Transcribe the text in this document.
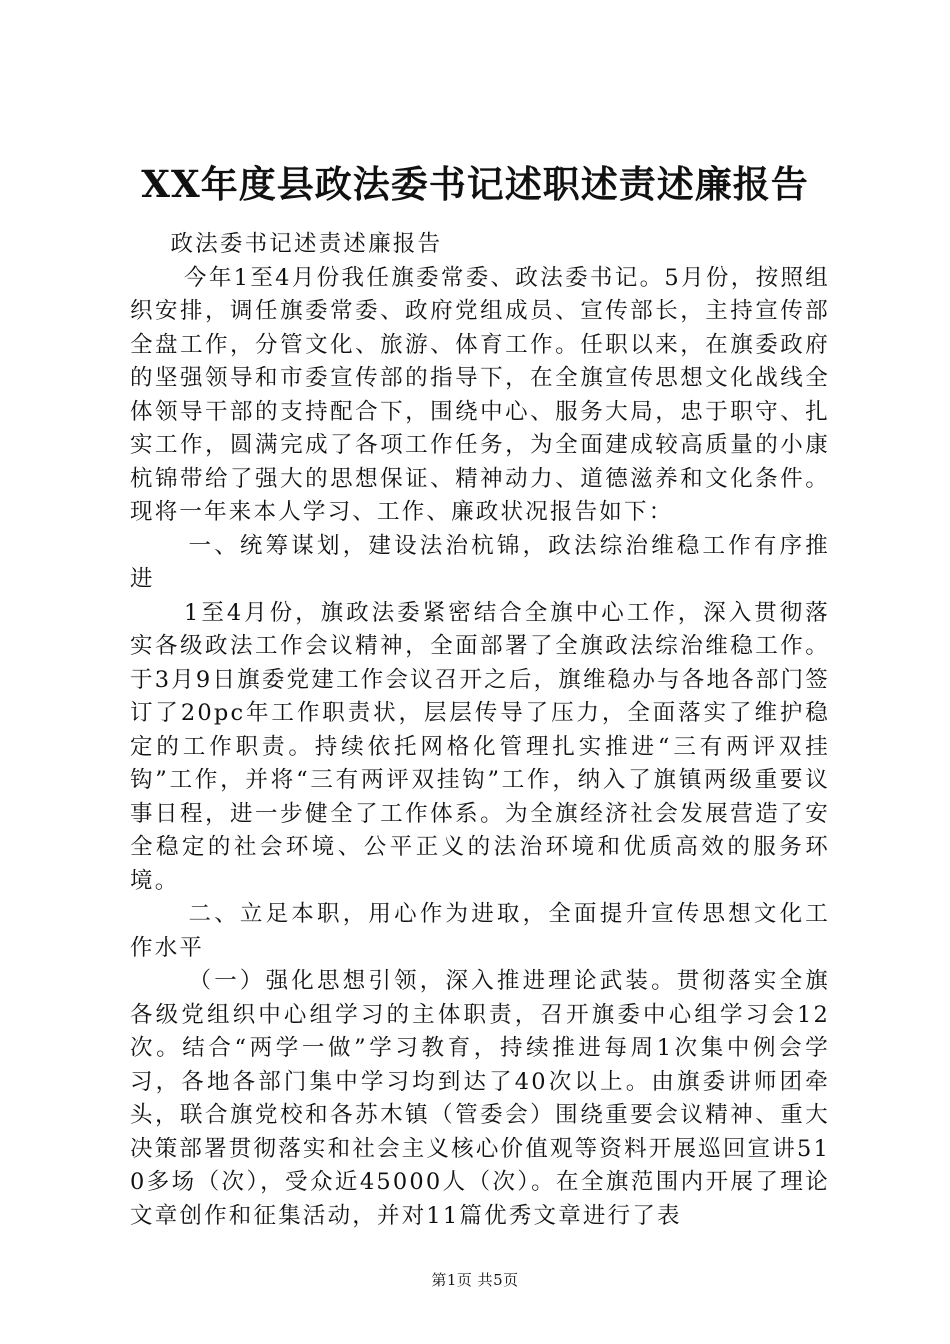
XX年度县政法委书记述职述责述廉报告

政法委书记述责述廉报告

今年1至4月份我任旗委常委、政法委书记。5月份，按照组织安排，调任旗委常委、政府党组成员、宣传部长，主持宣传部全盘工作，分管文化、旅游、体育工作。任职以来，在旗委政府的坚强领导和市委宣传部的指导下，在全旗宣传思想文化战线全体领导干部的支持配合下，围绕中心、服务大局，忠于职守、扎实工作，圆满完成了各项工作任务，为全面建成较高质量的小康杭锦带给了强大的思想保证、精神动力、道德滋养和文化条件。现将一年来本人学习、工作、廉政状况报告如下：

一、统筹谋划，建设法治杭锦，政法综治维稳工作有序推进

1至4月份，旗政法委紧密结合全旗中心工作，深入贯彻落实各级政法工作会议精神，全面部署了全旗政法综治维稳工作。于3月9日旗委党建工作会议召开之后，旗维稳办与各地各部门签订了20pc年工作职责状，层层传导了压力，全面落实了维护稳定的工作职责。持续依托网格化管理扎实推进“三有两评双挂钩”工作，并将“三有两评双挂钩”工作，纳入了旗镇两级重要议事日程，进一步健全了工作体系。为全旗经济社会发展营造了安全稳定的社会环境、公平正义的法治环境和优质高效的服务环境。

二、立足本职，用心作为进取，全面提升宣传思想文化工作水平

（一）强化思想引领，深入推进理论武装。贯彻落实全旗各级党组织中心组学习的主体职责，召开旗委中心组学习会12次。结合“两学一做”学习教育，持续推进每周1次集中例会学习，各地各部门集中学习均到达了40次以上。由旗委讲师团牵头，联合旗党校和各苏木镇（管委会）围绕重要会议精神、重大决策部署贯彻落实和社会主义核心价值观等资料开展巡回宣讲510多场（次），受众近45000人（次）。在全旗范围内开展了理论文章创作和征集活动，并对11篇优秀文章进行了表

第1页 共5页
